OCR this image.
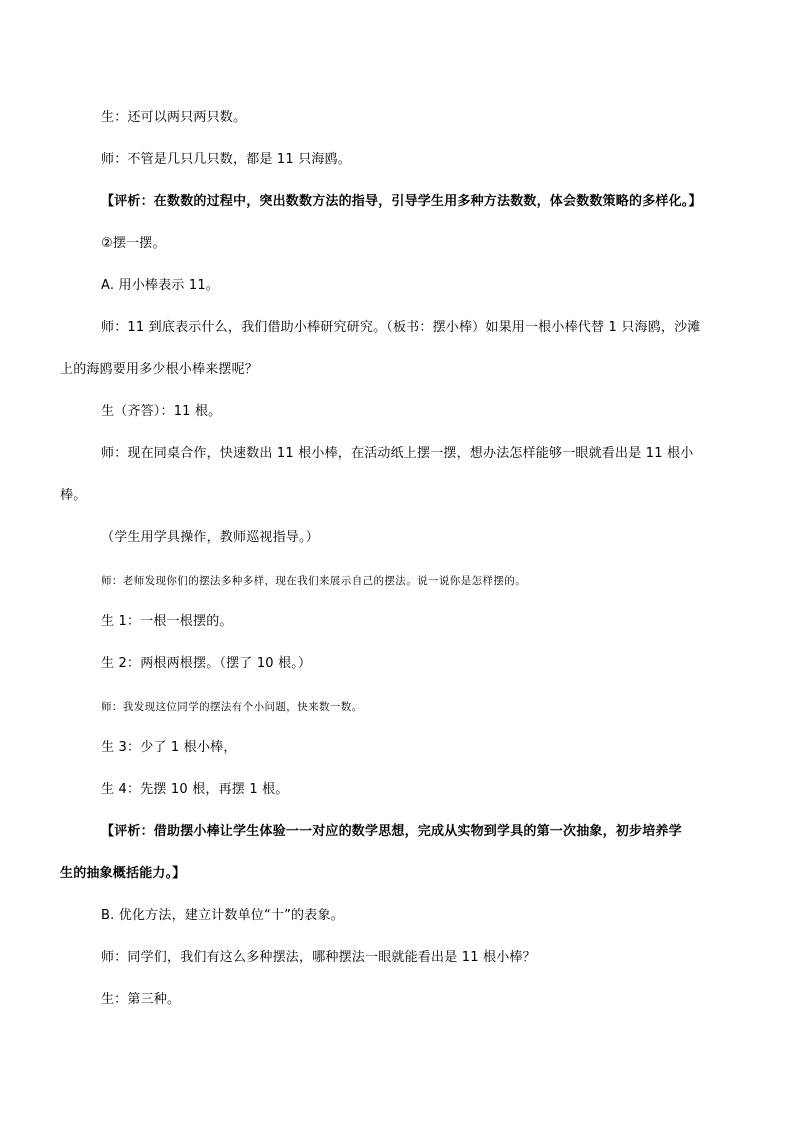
生：还可以两只两只数。
师：不管是几只几只数，都是 11 只海鸥。
【评析：在数数的过程中，突出数数方法的指导，引导学生用多种方法数数，体会数数策略的多样化。】
②摆一摆。
A. 用小棒表示 11。
师：11 到底表示什么，我们借助小棒研究研究。（板书：摆小棒）如果用一根小棒代替 1 只海鸥，沙滩
上的海鸥要用多少根小棒来摆呢？
生（齐答）：11 根。
师：现在同桌合作，快速数出 11 根小棒，在活动纸上摆一摆，想办法怎样能够一眼就看出是 11 根小
棒。
（学生用学具操作，教师巡视指导。）
师：老师发现你们的摆法多种多样，现在我们来展示自己的摆法。说一说你是怎样摆的。
生 1：一根一根摆的。
生 2：两根两根摆。（摆了 10 根。）
师：我发现这位同学的摆法有个小问题，快来数一数。
生 3：少了 1 根小棒，
生 4：先摆 10 根，再摆 1 根。
【评析：借助摆小棒让学生体验一一对应的数学思想，完成从实物到学具的第一次抽象，初步培养学
生的抽象概括能力。】
B. 优化方法，建立计数单位“十”的表象。
师：同学们，我们有这么多种摆法，哪种摆法一眼就能看出是 11 根小棒？
生：第三种。
